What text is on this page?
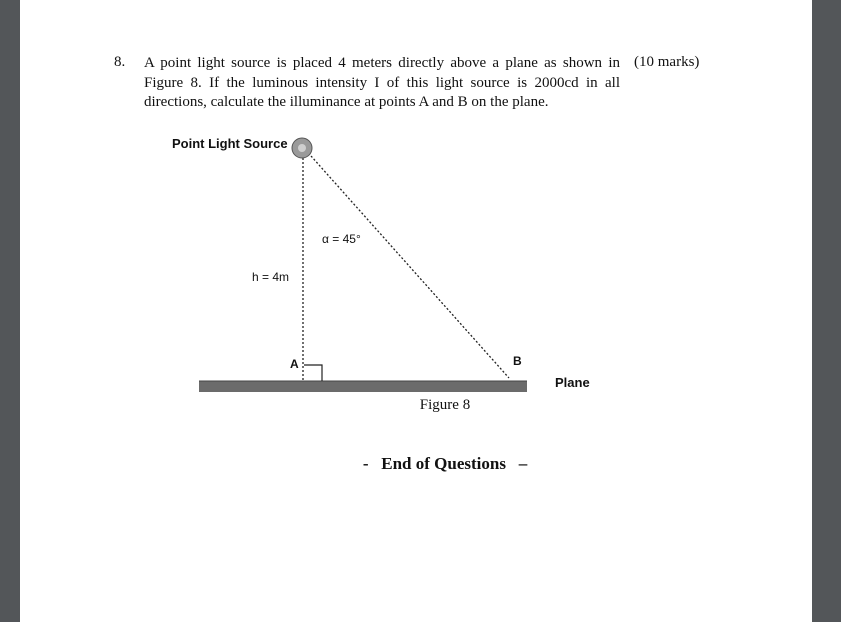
8. A point light source is placed 4 meters directly above a plane as shown in Figure 8. If the luminous intensity I of this light source is 2000cd in all directions, calculate the illuminance at points A and B on the plane.
(10 marks)
Point Light Source
h = 4m
α = 45°
A	B
Plane
Figure 8
- End of Questions –
